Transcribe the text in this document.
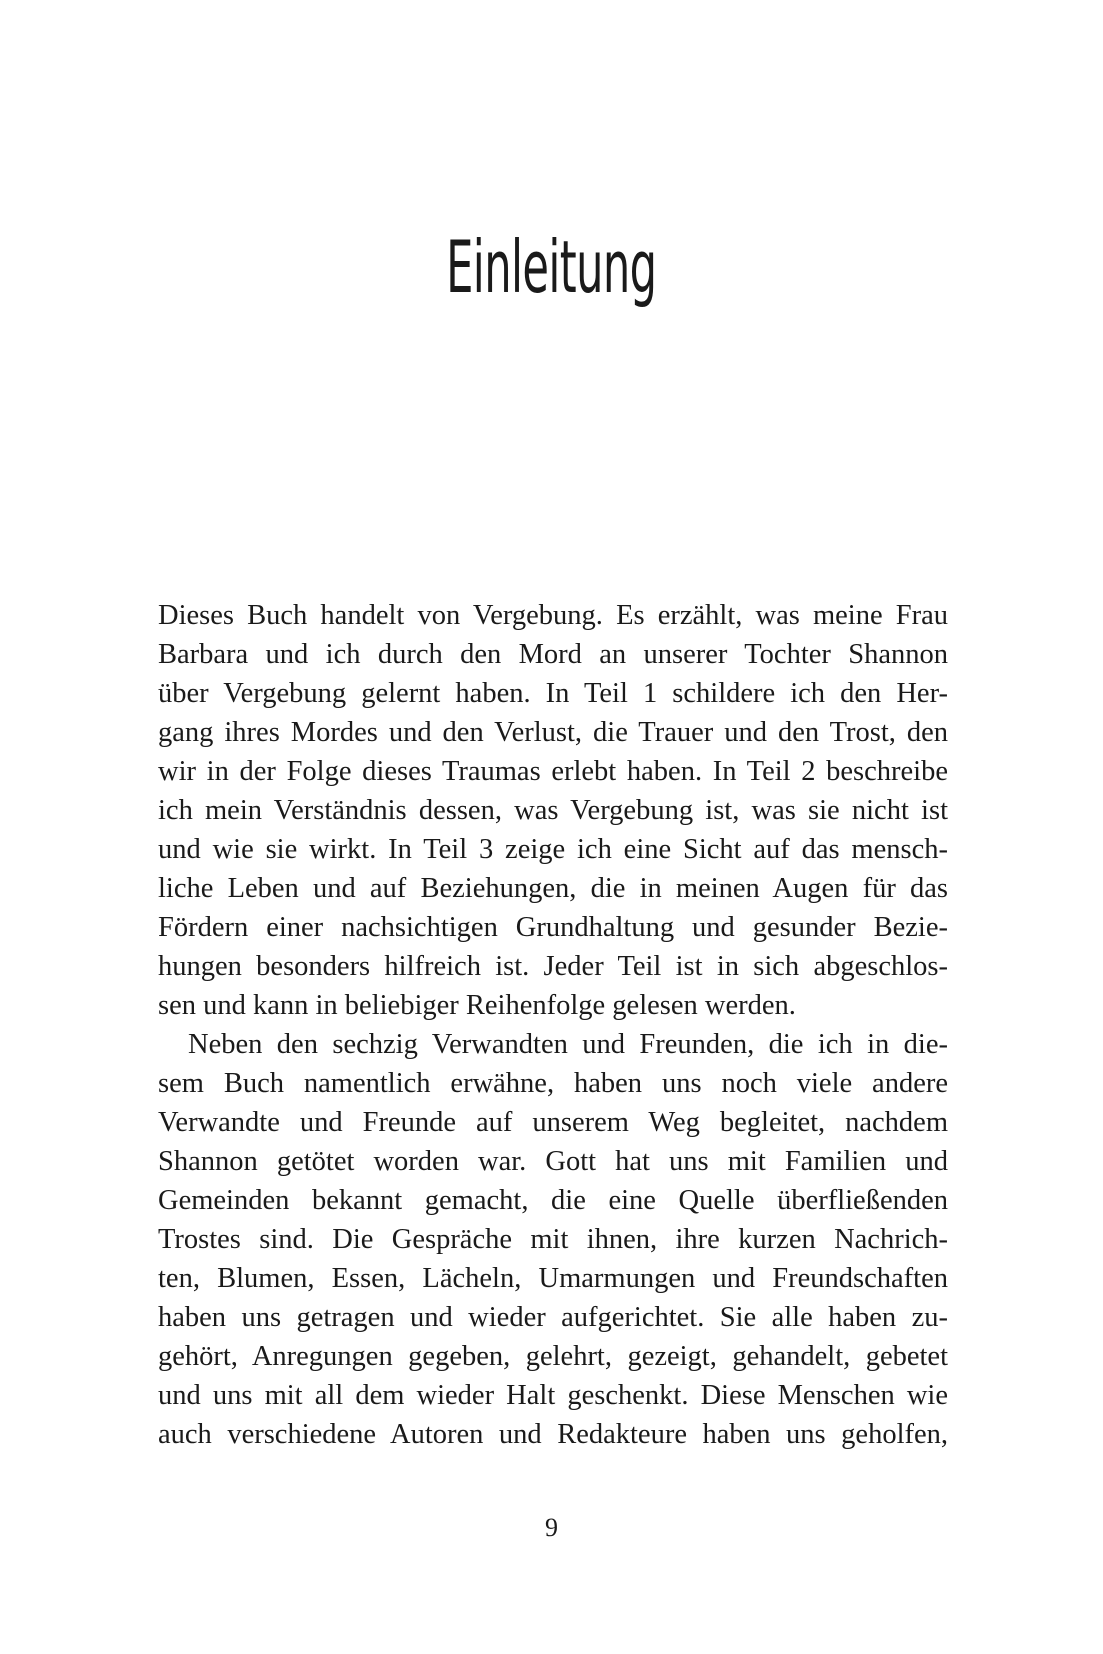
Einleitung
Dieses Buch handelt von Vergebung. Es erzählt, was meine Frau
Barbara und ich durch den Mord an unserer Tochter Shannon
über Vergebung gelernt haben. In Teil 1 schildere ich den Her-
gang ihres Mordes und den Verlust, die Trauer und den Trost, den
wir in der Folge dieses Traumas erlebt haben. In Teil 2 beschreibe
ich mein Verständnis dessen, was Vergebung ist, was sie nicht ist
und wie sie wirkt. In Teil 3 zeige ich eine Sicht auf das mensch-
liche Leben und auf Beziehungen, die in meinen Augen für das
Fördern einer nachsichtigen Grundhaltung und gesunder Bezie-
hungen besonders hilfreich ist. Jeder Teil ist in sich abgeschlos-
sen und kann in beliebiger Reihenfolge gelesen werden.
Neben den sechzig Verwandten und Freunden, die ich in die-
sem Buch namentlich erwähne, haben uns noch viele andere
Verwandte und Freunde auf unserem Weg begleitet, nachdem
Shannon getötet worden war. Gott hat uns mit Familien und
Gemeinden bekannt gemacht, die eine Quelle überfließenden
Trostes sind. Die Gespräche mit ihnen, ihre kurzen Nachrich-
ten, Blumen, Essen, Lächeln, Umarmungen und Freundschaften
haben uns getragen und wieder aufgerichtet. Sie alle haben zu-
gehört, Anregungen gegeben, gelehrt, gezeigt, gehandelt, gebetet
und uns mit all dem wieder Halt geschenkt. Diese Menschen wie
auch verschiedene Autoren und Redakteure haben uns geholfen,
9
